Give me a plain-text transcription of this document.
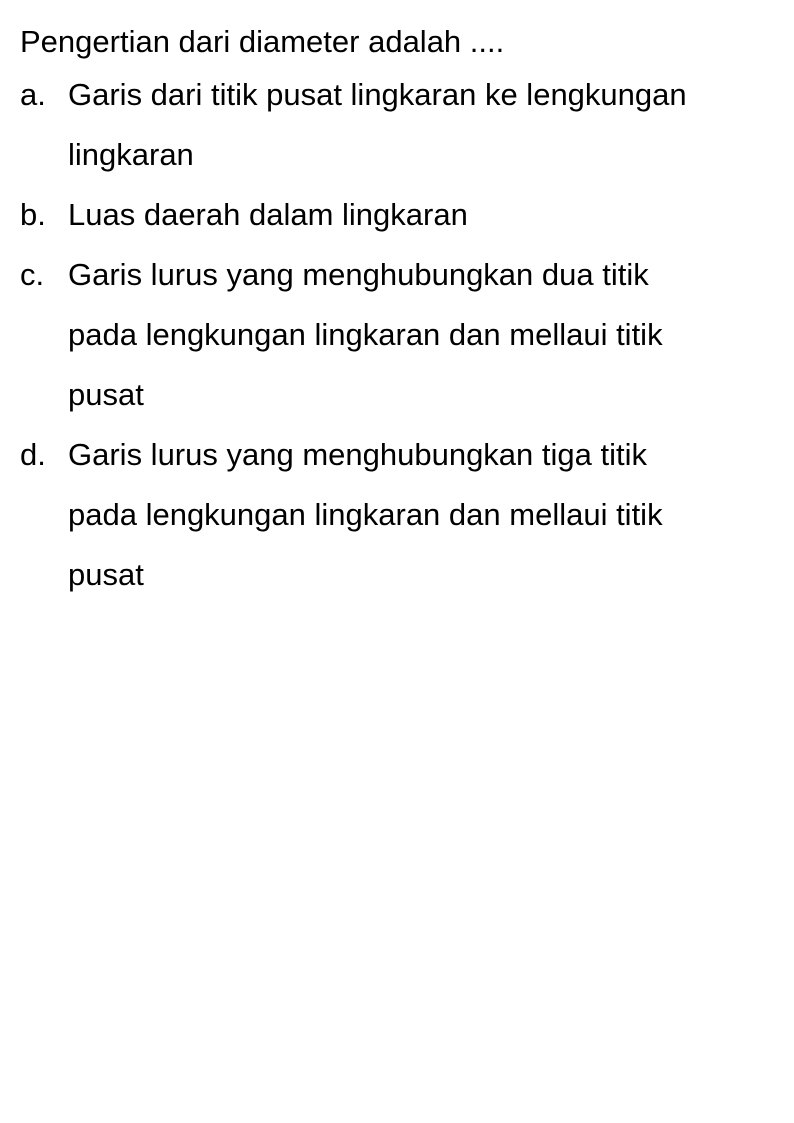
Pengertian dari diameter adalah ....
a. Garis dari titik pusat lingkaran ke lengkungan
lingkaran
b. Luas daerah dalam lingkaran
c. Garis lurus yang menghubungkan dua titik
pada lengkungan lingkaran dan mellaui titik
pusat
d. Garis lurus yang menghubungkan tiga titik
pada lengkungan lingkaran dan mellaui titik
pusat
